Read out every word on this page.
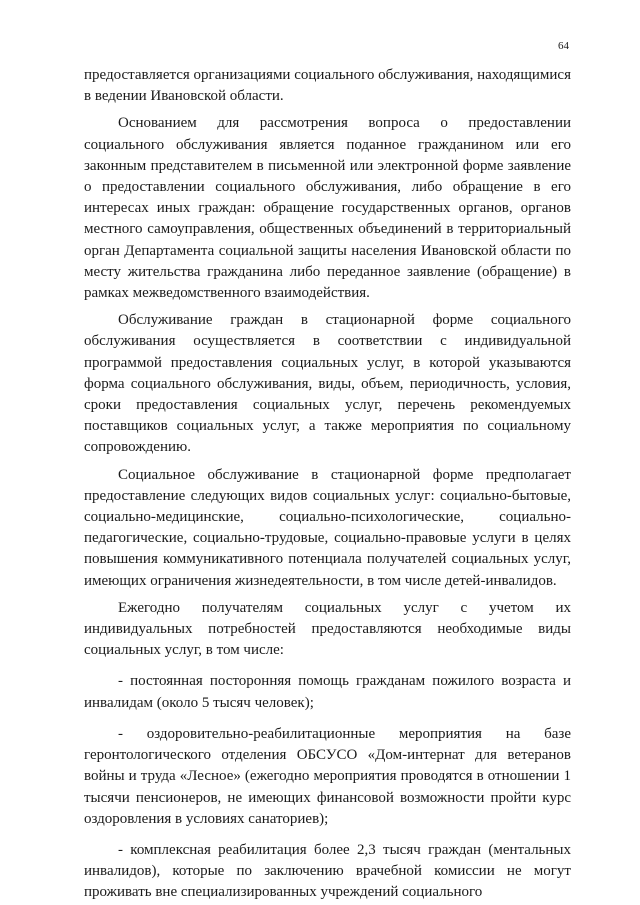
64

предоставляется организациями социального обслуживания, находящимися в ведении Ивановской области.

Основанием для рассмотрения вопроса о предоставлении социального обслуживания является поданное гражданином или его законным представителем в письменной или электронной форме заявление о предоставлении социального обслуживания, либо обращение в его интересах иных граждан: обращение государственных органов, органов местного самоуправления, общественных объединений в территориальный орган Департамента социальной защиты населения Ивановской области по месту жительства гражданина либо переданное заявление (обращение) в рамках межведомственного взаимодействия.

Обслуживание граждан в стационарной форме социального обслуживания осуществляется в соответствии с индивидуальной программой предоставления социальных услуг, в которой указываются форма социального обслуживания, виды, объем, периодичность, условия, сроки предоставления социальных услуг, перечень рекомендуемых поставщиков социальных услуг, а также мероприятия по социальному сопровождению.

Социальное обслуживание в стационарной форме предполагает предоставление следующих видов социальных услуг: социально-бытовые, социально-медицинские, социально-психологические, социально-педагогические, социально-трудовые, социально-правовые услуги в целях повышения коммуникативного потенциала получателей социальных услуг, имеющих ограничения жизнедеятельности, в том числе детей-инвалидов.

Ежегодно получателям социальных услуг с учетом их индивидуальных потребностей предоставляются необходимые виды социальных услуг, в том числе:

- постоянная посторонняя помощь гражданам пожилого возраста и инвалидам (около 5 тысяч человек);

- оздоровительно-реабилитационные мероприятия на базе геронтологического отделения ОБСУСО «Дом-интернат для ветеранов войны и труда «Лесное» (ежегодно мероприятия проводятся в отношении 1 тысячи пенсионеров, не имеющих финансовой возможности пройти курс оздоровления в условиях санаториев);

- комплексная реабилитация более 2,3 тысяч граждан (ментальных инвалидов), которые по заключению врачебной комиссии не могут проживать вне специализированных учреждений социального
